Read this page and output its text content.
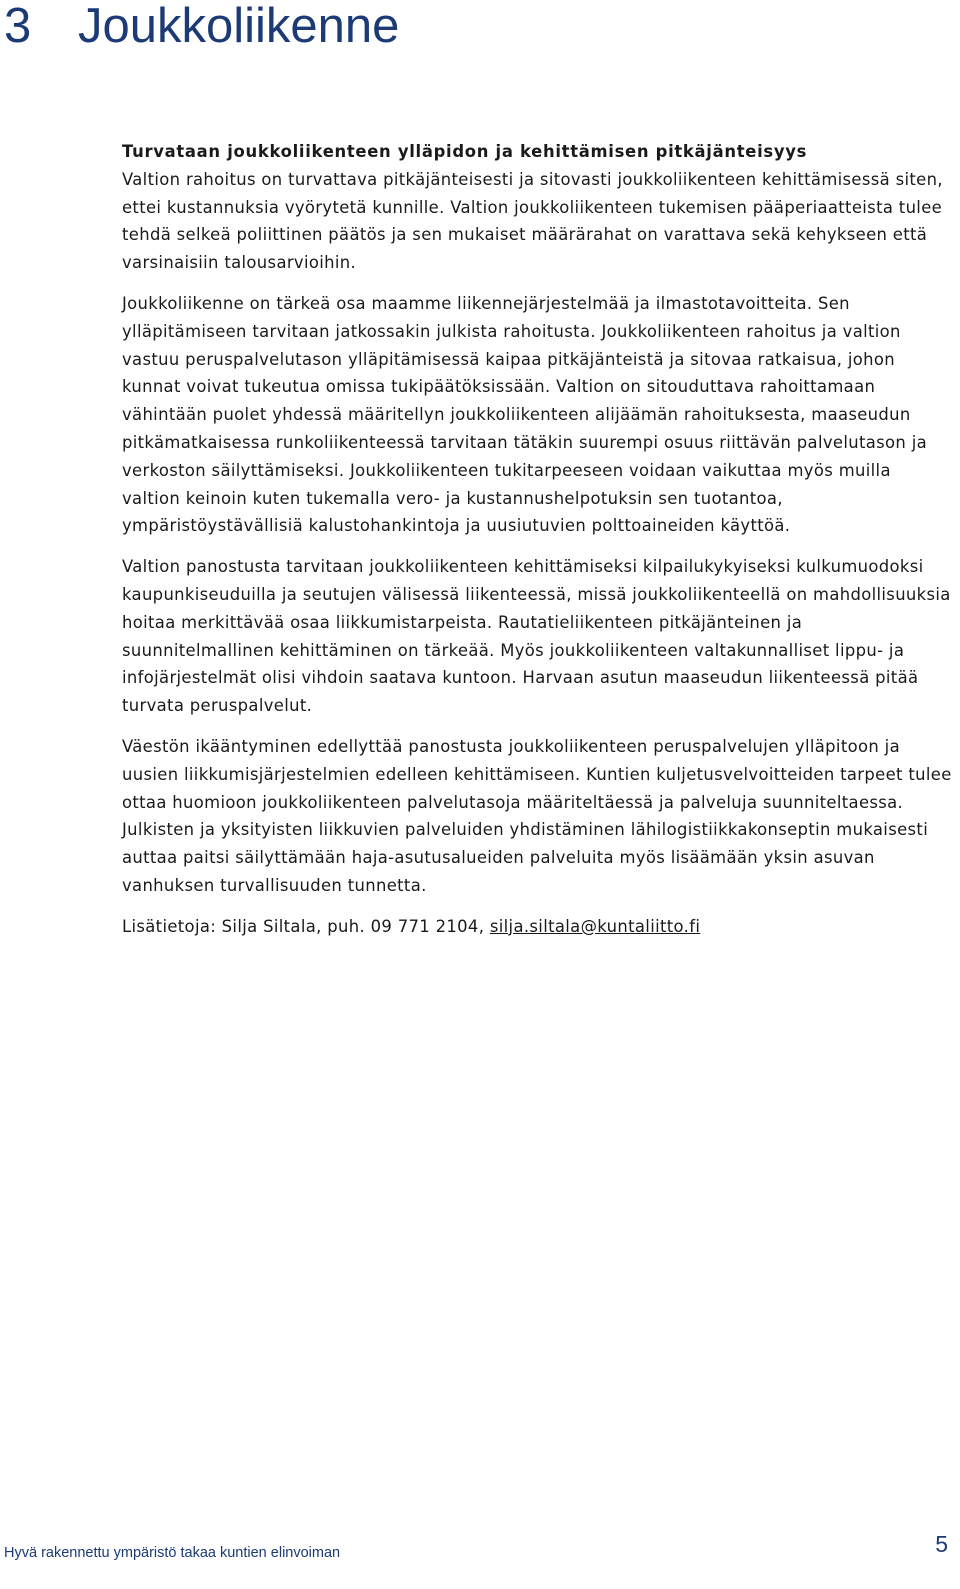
3 Joukkoliikenne

Turvataan joukkoliikenteen ylläpidon ja kehittämisen pitkäjänteisyys
Valtion rahoitus on turvattava pitkäjänteisesti ja sitovasti joukkoliikenteen kehittämisessä siten, ettei kustannuksia vyörytetä kunnille. Valtion joukkoliikenteen tukemisen pääperiaatteista tulee tehdä selkeä poliittinen päätös ja sen mukaiset määrärahat on varattava sekä kehykseen että varsinaisiin talousarvioihin.

Joukkoliikenne on tärkeä osa maamme liikennejärjestelmää ja ilmastotavoitteita. Sen ylläpitämiseen tarvitaan jatkossakin julkista rahoitusta. Joukkoliikenteen rahoitus ja valtion vastuu peruspalvelutason ylläpitämisessä kaipaa pitkäjänteistä ja sitovaa ratkaisua, johon kunnat voivat tukeutua omissa tukipäätöksissään. Valtion on sitouduttava rahoittamaan vähintään puolet yhdessä määritellyn joukkoliikenteen alijäämän rahoituksesta, maaseudun pitkämatkaisessa runkoliikenteessä tarvitaan tätäkin suurempi osuus riittävän palvelutason ja verkoston säilyttämiseksi. Joukkoliikenteen tukitarpeeseen voidaan vaikuttaa myös muilla valtion keinoin kuten tukemalla vero- ja kustannushelpotuksin sen tuotantoa, ympäristöystävällisiä kalustohankintoja ja uusiutuvien polttoaineiden käyttöä.

Valtion panostusta tarvitaan joukkoliikenteen kehittämiseksi kilpailukykyiseksi kulkumuodoksi kaupunkiseuduilla ja seutujen välisessä liikenteessä, missä joukkoliikenteellä on mahdollisuuksia hoitaa merkittävää osaa liikkumistarpeista. Rautatieliikenteen pitkäjänteinen ja suunnitelmallinen kehittäminen on tärkeää. Myös joukkoliikenteen valtakunnalliset lippu- ja infojärjestelmät olisi vihdoin saatava kuntoon. Harvaan asutun maaseudun liikenteessä pitää turvata peruspalvelut.

Väestön ikääntyminen edellyttää panostusta joukkoliikenteen peruspalvelujen ylläpitoon ja uusien liikkumisjärjestelmien edelleen kehittämiseen. Kuntien kuljetusvelvoitteiden tarpeet tulee ottaa huomioon joukkoliikenteen palvelutasoja määriteltäessä ja palveluja suunniteltaessa. Julkisten ja yksityisten liikkuvien palveluiden yhdistäminen lähilogistiikkakonseptin mukaisesti auttaa paitsi säilyttämään haja-asutusalueiden palveluita myös lisäämään yksin asuvan vanhuksen turvallisuuden tunnetta.

Lisätietoja: Silja Siltala, puh. 09 771 2104, silja.siltala@kuntaliitto.fi

Hyvä rakennettu ympäristö takaa kuntien elinvoiman	5
